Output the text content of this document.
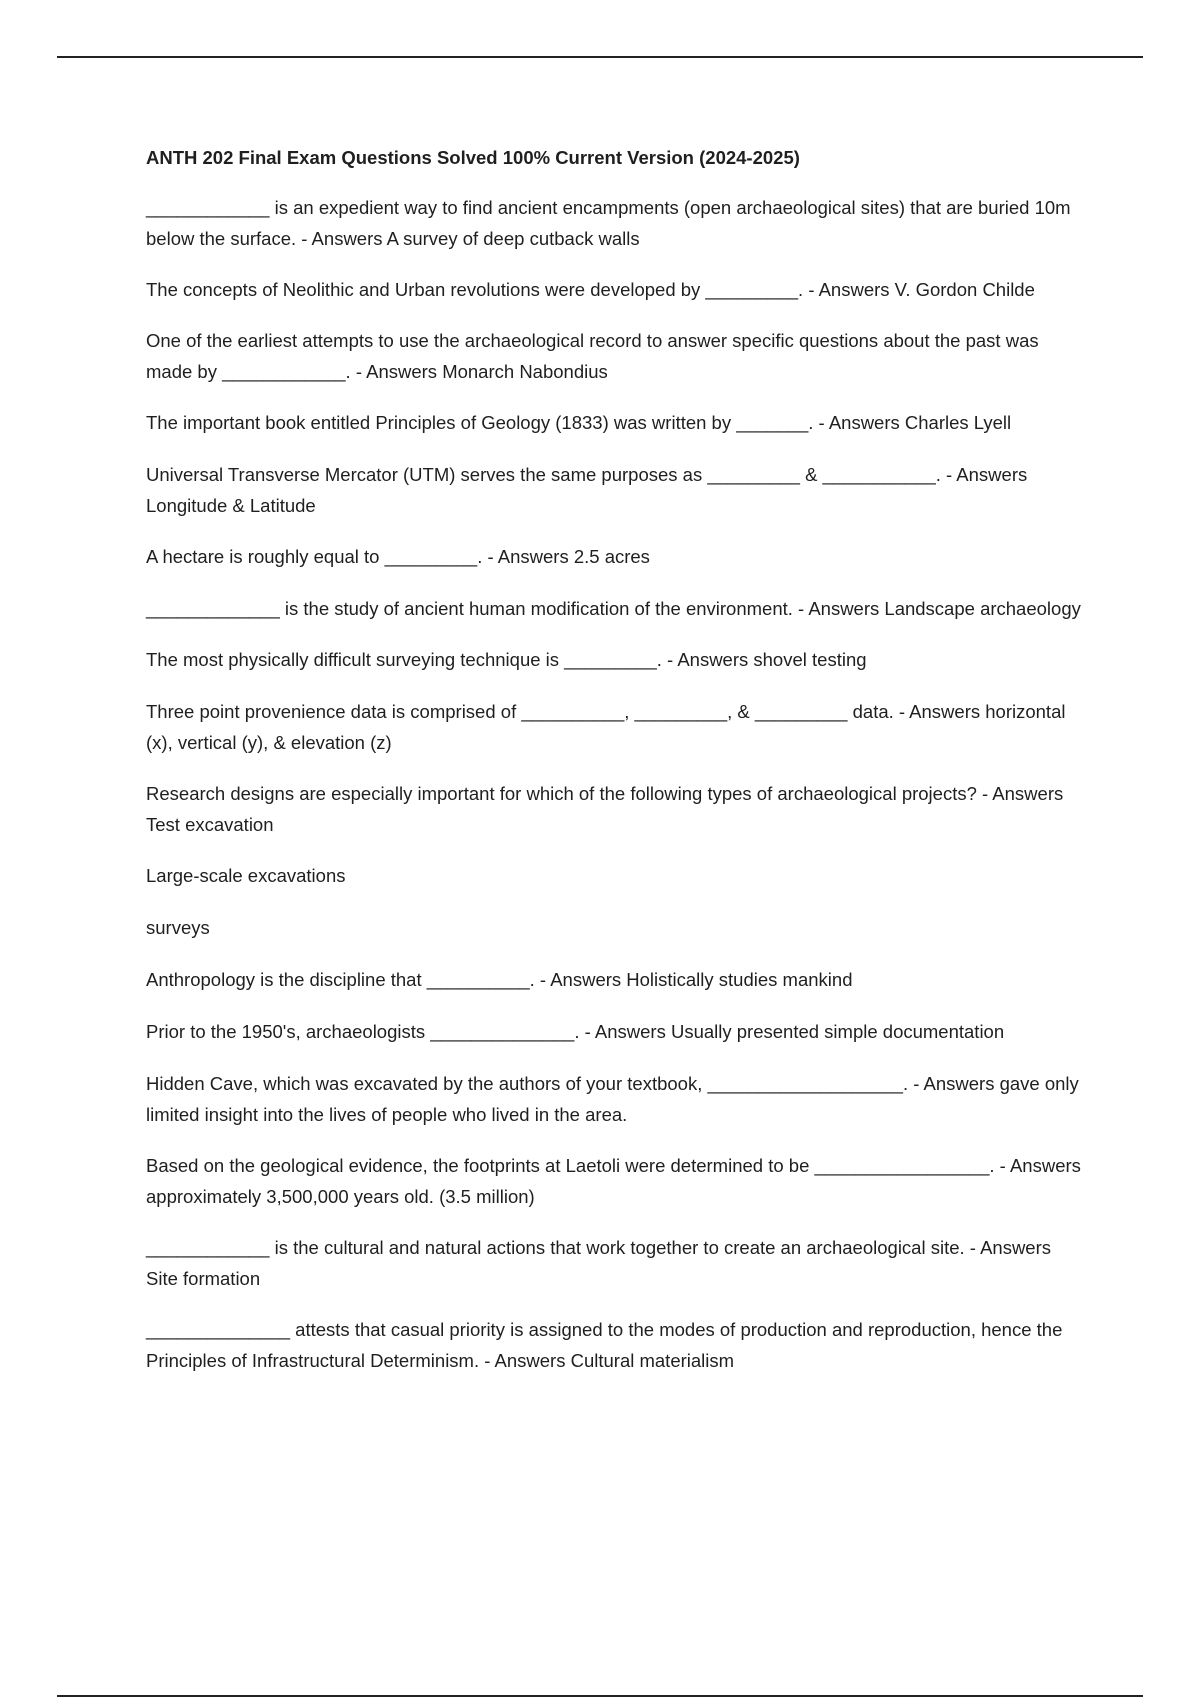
ANTH 202 Final Exam Questions Solved 100% Current Version (2024-2025)

____________ is an expedient way to find ancient encampments (open archaeological sites) that are buried 10m below the surface. - Answers A survey of deep cutback walls

The concepts of Neolithic and Urban revolutions were developed by _________. - Answers V. Gordon Childe

One of the earliest attempts to use the archaeological record to answer specific questions about the past was made by ____________. - Answers Monarch Nabondius

The important book entitled Principles of Geology (1833) was written by _______. - Answers Charles Lyell

Universal Transverse Mercator (UTM) serves the same purposes as _________ & ___________. - Answers Longitude & Latitude

A hectare is roughly equal to _________. - Answers 2.5 acres

_____________ is the study of ancient human modification of the environment. - Answers Landscape archaeology

The most physically difficult surveying technique is _________. - Answers shovel testing

Three point provenience data is comprised of __________, _________, & _________ data. - Answers horizontal (x), vertical (y), & elevation (z)

Research designs are especially important for which of the following types of archaeological projects? - Answers Test excavation

Large-scale excavations

surveys

Anthropology is the discipline that __________. - Answers Holistically studies mankind

Prior to the 1950's, archaeologists ______________. - Answers Usually presented simple documentation

Hidden Cave, which was excavated by the authors of your textbook, ___________________. - Answers gave only limited insight into the lives of people who lived in the area.

Based on the geological evidence, the footprints at Laetoli were determined to be _________________. - Answers approximately 3,500,000 years old. (3.5 million)

____________ is the cultural and natural actions that work together to create an archaeological site. - Answers Site formation

______________ attests that casual priority is assigned to the modes of production and reproduction, hence the Principles of Infrastructural Determinism. - Answers Cultural materialism
